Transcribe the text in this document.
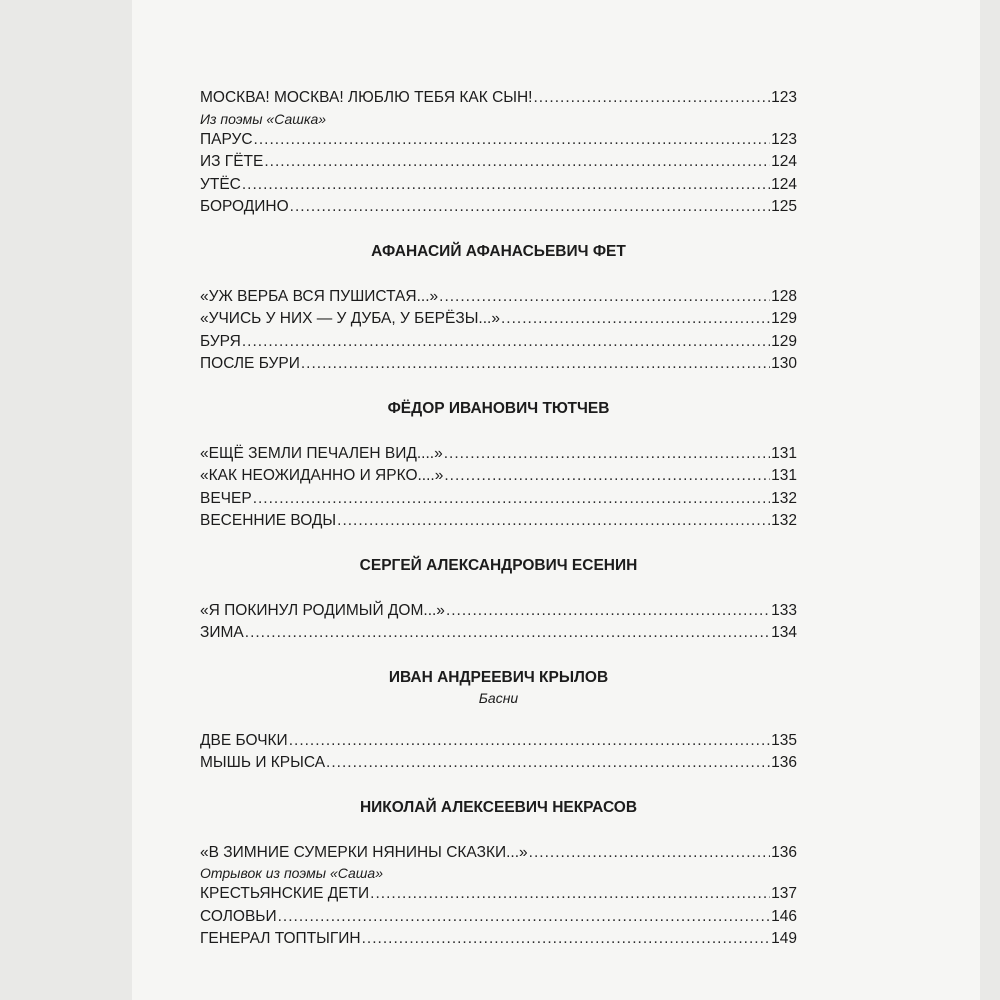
МОСКВА! МОСКВА! ЛЮБЛЮ ТЕБЯ КАК СЫН! .....	123
Из поэмы «Сашка»
ПАРУС .....	123
ИЗ ГЁТЕ .....	124
УТЁС .....	124
БОРОДИНО .....	125
АФАНАСИЙ АФАНАСЬЕВИЧ ФЕТ
«УЖ ВЕРБА ВСЯ ПУШИСТАЯ...» .....	128
«УЧИСЬ У НИХ — У ДУБА, У БЕРЁЗЫ...» .....	129
БУРЯ .....	129
ПОСЛЕ БУРИ .....	130
ФЁДОР ИВАНОВИЧ ТЮТЧЕВ
«ЕЩЁ ЗЕМЛИ ПЕЧАЛЕН ВИД....» .....	131
«КАК НЕОЖИДАННО И ЯРКО....» .....	131
ВЕЧЕР .....	132
ВЕСЕННИЕ ВОДЫ .....	132
СЕРГЕЙ АЛЕКСАНДРОВИЧ ЕСЕНИН
«Я ПОКИНУЛ РОДИМЫЙ ДОМ...» .....	133
ЗИМА .....	134
ИВАН АНДРЕЕВИЧ КРЫЛОВ
Басни
ДВЕ БОЧКИ .....	135
МЫШЬ И КРЫСА .....	136
НИКОЛАЙ АЛЕКСЕЕВИЧ НЕКРАСОВ
«В ЗИМНИЕ СУМЕРКИ НЯНИНЫ СКАЗКИ...» .....	136
Отрывок из поэмы «Саша»
КРЕСТЬЯНСКИЕ ДЕТИ .....	137
СОЛОВЬИ .....	146
ГЕНЕРАЛ ТОПТЫГИН .....	149
